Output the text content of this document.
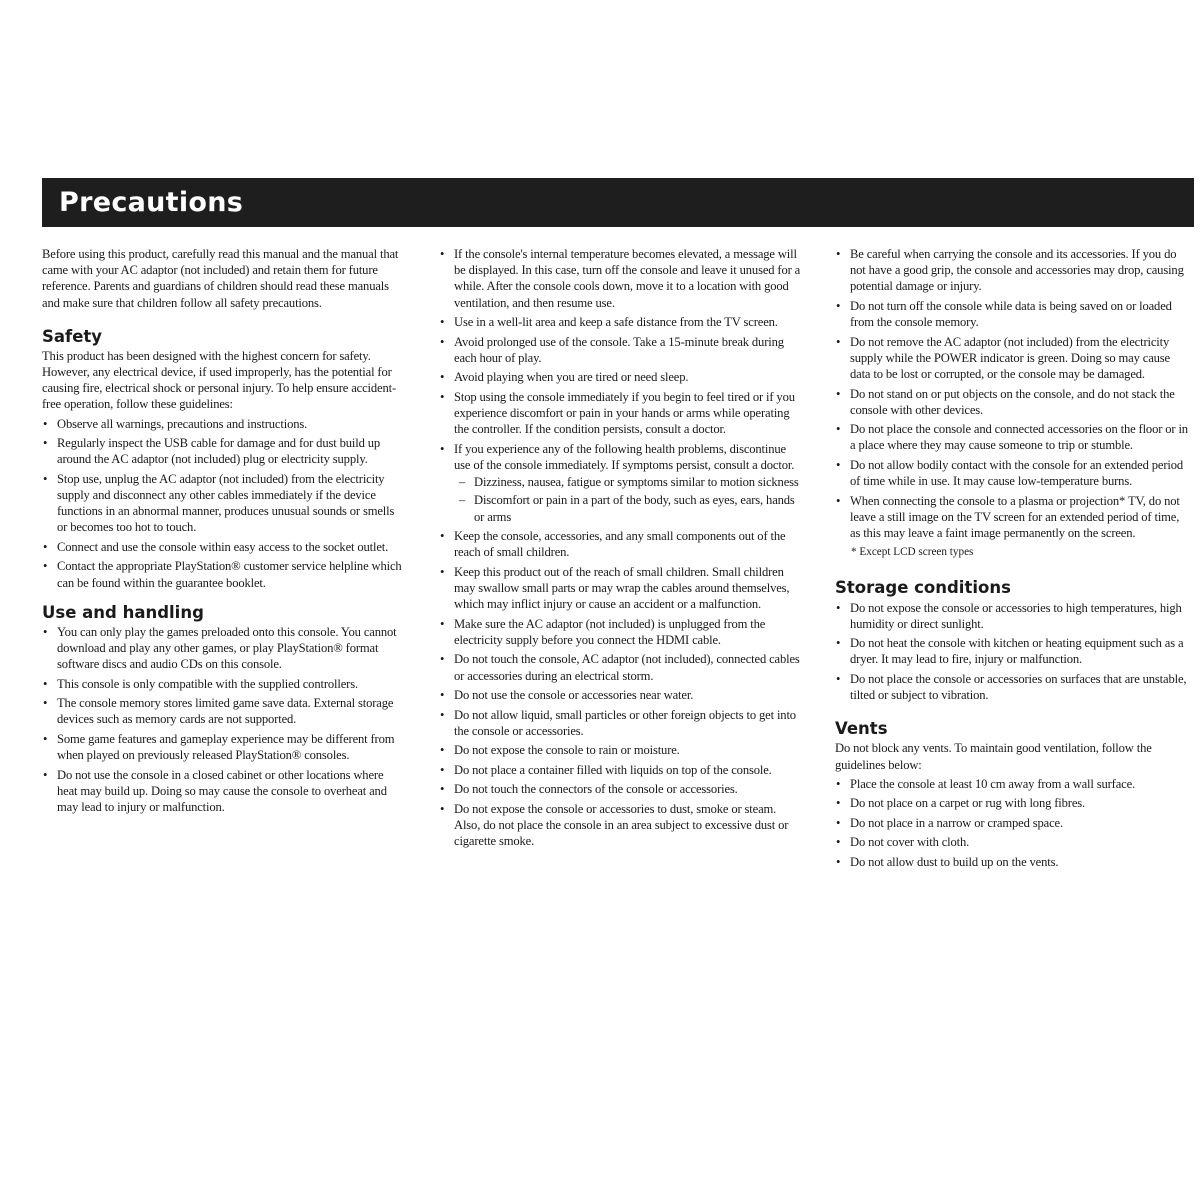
Precautions

Before using this product, carefully read this manual and the manual that came with your AC adaptor (not included) and retain them for future reference. Parents and guardians of children should read these manuals and make sure that children follow all safety precautions.

Safety

This product has been designed with the highest concern for safety. However, any electrical device, if used improperly, has the potential for causing fire, electrical shock or personal injury. To help ensure accident-free operation, follow these guidelines:

• Observe all warnings, precautions and instructions.
• Regularly inspect the USB cable for damage and for dust build up around the AC adaptor (not included) plug or electricity supply.
• Stop use, unplug the AC adaptor (not included) from the electricity supply and disconnect any other cables immediately if the device functions in an abnormal manner, produces unusual sounds or smells or becomes too hot to touch.
• Connect and use the console within easy access to the socket outlet.
• Contact the appropriate PlayStation® customer service helpline which can be found within the guarantee booklet.
Use and handling
• You can only play the games preloaded onto this console. You cannot download and play any other games, or play PlayStation® format software discs and audio CDs on this console.
• This console is only compatible with the supplied controllers.
• The console memory stores limited game save data. External storage devices such as memory cards are not supported.
• Some game features and gameplay experience may be different from when played on previously released PlayStation® consoles.
• Do not use the console in a closed cabinet or other locations where heat may build up. Doing so may cause the console to overheat and may lead to injury or malfunction.
• If the console's internal temperature becomes elevated, a message will be displayed. In this case, turn off the console and leave it unused for a while. After the console cools down, move it to a location with good ventilation, and then resume use.
• Use in a well-lit area and keep a safe distance from the TV screen.
• Avoid prolonged use of the console. Take a 15-minute break during each hour of play.
• Avoid playing when you are tired or need sleep.
• Stop using the console immediately if you begin to feel tired or if you experience discomfort or pain in your hands or arms while operating the controller. If the condition persists, consult a doctor.
• If you experience any of the following health problems, discontinue use of the console immediately. If symptoms persist, consult a doctor.
– Dizziness, nausea, fatigue or symptoms similar to motion sickness
– Discomfort or pain in a part of the body, such as eyes, ears, hands or arms
• Keep the console, accessories, and any small components out of the reach of small children.
• Keep this product out of the reach of small children. Small children may swallow small parts or may wrap the cables around themselves, which may inflict injury or cause an accident or a malfunction.
• Make sure the AC adaptor (not included) is unplugged from the electricity supply before you connect the HDMI cable.
• Do not touch the console, AC adaptor (not included), connected cables or accessories during an electrical storm.
• Do not use the console or accessories near water.
• Do not allow liquid, small particles or other foreign objects to get into the console or accessories.
• Do not expose the console to rain or moisture.
• Do not place a container filled with liquids on top of the console.
• Do not touch the connectors of the console or accessories.
• Do not expose the console or accessories to dust, smoke or steam. Also, do not place the console in an area subject to excessive dust or cigarette smoke.
• Be careful when carrying the console and its accessories. If you do not have a good grip, the console and accessories may drop, causing potential damage or injury.
• Do not turn off the console while data is being saved on or loaded from the console memory.
• Do not remove the AC adaptor (not included) from the electricity supply while the POWER indicator is green. Doing so may cause data to be lost or corrupted, or the console may be damaged.
• Do not stand on or put objects on the console, and do not stack the console with other devices.
• Do not place the console and connected accessories on the floor or in a place where they may cause someone to trip or stumble.
• Do not allow bodily contact with the console for an extended period of time while in use. It may cause low-temperature burns.
• When connecting the console to a plasma or projection* TV, do not leave a still image on the TV screen for an extended period of time, as this may leave a faint image permanently on the screen.

* Except LCD screen types

Storage conditions
• Do not expose the console or accessories to high temperatures, high humidity or direct sunlight.
• Do not heat the console with kitchen or heating equipment such as a dryer. It may lead to fire, injury or malfunction.
• Do not place the console or accessories on surfaces that are unstable, tilted or subject to vibration.
Vents

Do not block any vents. To maintain good ventilation, follow the guidelines below:

• Place the console at least 10 cm away from a wall surface.
• Do not place on a carpet or rug with long fibres.
• Do not place in a narrow or cramped space.
• Do not cover with cloth.
• Do not allow dust to build up on the vents.
